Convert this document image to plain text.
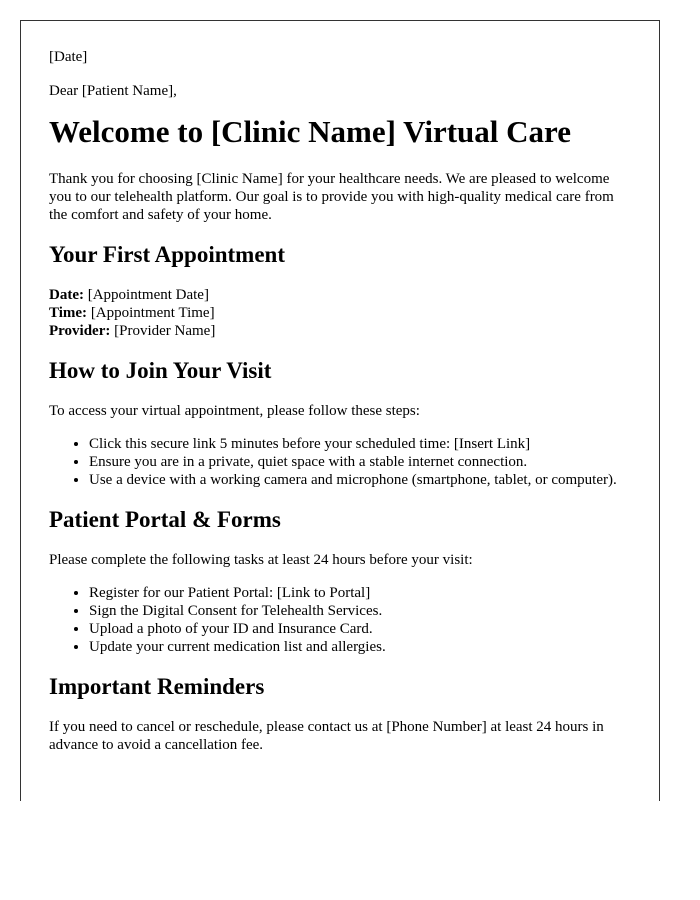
[Date]

Dear [Patient Name],

Welcome to [Clinic Name] Virtual Care

Thank you for choosing [Clinic Name] for your healthcare needs. We are pleased to welcome you to our telehealth platform. Our goal is to provide you with high-quality medical care from the comfort and safety of your home.

Your First Appointment
Date: [Appointment Date]
Time: [Appointment Time]
Provider: [Provider Name]
How to Join Your Visit

To access your virtual appointment, please follow these steps:

• Click this secure link 5 minutes before your scheduled time: [Insert Link]
• Ensure you are in a private, quiet space with a stable internet connection.
• Use a device with a working camera and microphone (smartphone, tablet, or computer).
Patient Portal & Forms

Please complete the following tasks at least 24 hours before your visit:

• Register for our Patient Portal: [Link to Portal]
• Sign the Digital Consent for Telehealth Services.
• Upload a photo of your ID and Insurance Card.
• Update your current medication list and allergies.
Important Reminders

If you need to cancel or reschedule, please contact us at [Phone Number] at least 24 hours in advance to avoid a cancellation fee.
